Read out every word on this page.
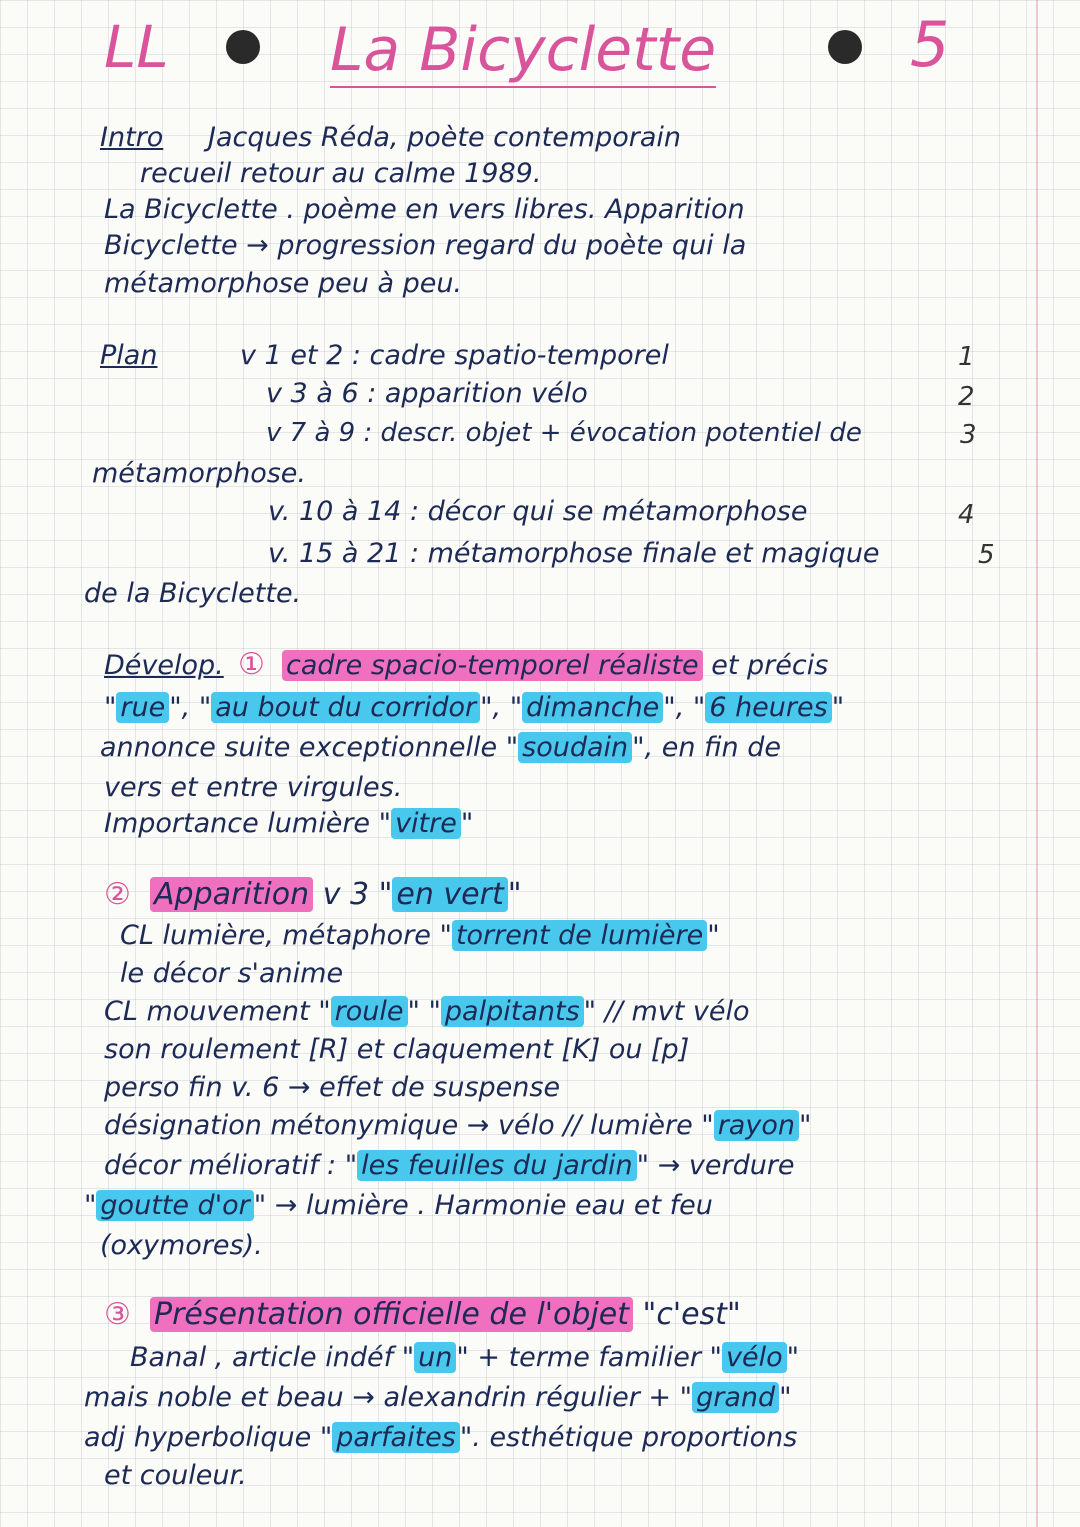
LL	La Bicyclette	5
Intro Jacques Réda, poète contemporain
recueil retour au calme 1989.
La Bicyclette . poème en vers libres. Apparition
Bicyclette → progression regard du poète qui la
métamorphose peu à peu.
Plan	v 1 et 2 : cadre spatio-temporel	1
v 3 à 6 : apparition vélo	2
v 7 à 9 : descr. objet + évocation potentiel de	3
métamorphose.
v. 10 à 14 : décor qui se métamorphose	4
v. 15 à 21 : métamorphose finale et magique	5
de la Bicyclette.
Dévelop. ① cadre spacio-temporel réaliste et précis
" rue ", " au bout du corridor ", " dimanche ", " 6 heures "
annonce suite exceptionnelle " soudain ", en fin de
vers et entre virgules.
Importance lumière " vitre "
② Apparition v 3 " en vert "
CL lumière, métaphore " torrent de lumière "
le décor s'anime
CL mouvement " roule " " palpitants " // mvt vélo
son roulement [R] et claquement [K] ou [p]
perso fin v. 6 → effet de suspense
désignation métonymique → vélo // lumière " rayon "
décor mélioratif : " les feuilles du jardin " → verdure
" goutte d'or " → lumière . Harmonie eau et feu
(oxymores).
③ Présentation officielle de l'objet "c'est"
Banal , article indéf " un " + terme familier " vélo "
mais noble et beau → alexandrin régulier + " grand "
adj hyperbolique " parfaites ". esthétique proportions
et couleur.
